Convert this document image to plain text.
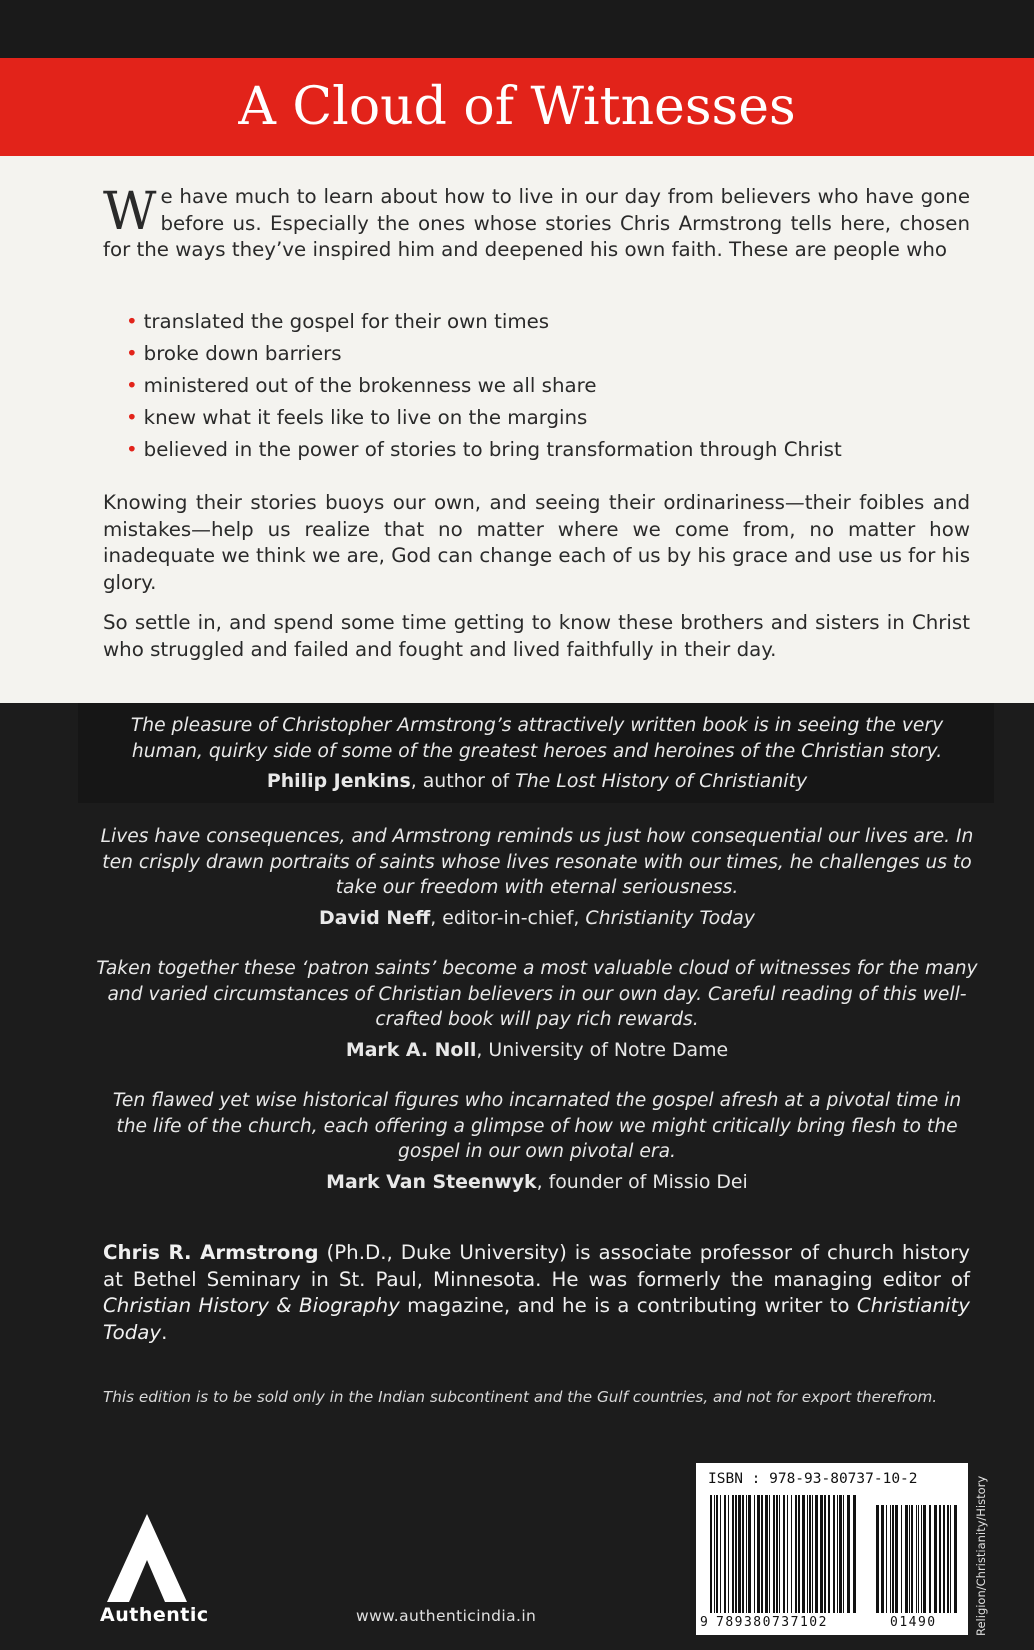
A Cloud of Witnesses

We have much to learn about how to live in our day from believers who have gone before us. Especially the ones whose stories Chris Armstrong tells here, chosen for the ways they’ve inspired him and deepened his own faith. These are people who

• translated the gospel for their own times
• broke down barriers
• ministered out of the brokenness we all share
• knew what it feels like to live on the margins
• believed in the power of stories to bring transformation through Christ

Knowing their stories buoys our own, and seeing their ordinariness—their foibles and mistakes—help us realize that no matter where we come from, no matter how inadequate we think we are, God can change each of us by his grace and use us for his glory.

So settle in, and spend some time getting to know these brothers and sisters in Christ who struggled and failed and fought and lived faithfully in their day.

The pleasure of Christopher Armstrong’s attractively written book is in seeing the very human, quirky side of some of the greatest heroes and heroines of the Christian story.

Philip Jenkins, author of The Lost History of Christianity

Lives have consequences, and Armstrong reminds us just how consequential our lives are. In ten crisply drawn portraits of saints whose lives resonate with our times, he challenges us to take our freedom with eternal seriousness.

David Neff, editor-in-chief, Christianity Today

Taken together these ‘patron saints’ become a most valuable cloud of witnesses for the many and varied circumstances of Christian believers in our own day. Careful reading of this well-crafted book will pay rich rewards.

Mark A. Noll, University of Notre Dame

Ten flawed yet wise historical figures who incarnated the gospel afresh at a pivotal time in the life of the church, each offering a glimpse of how we might critically bring flesh to the gospel in our own pivotal era.

Mark Van Steenwyk, founder of Missio Dei

Chris R. Armstrong (Ph.D., Duke University) is associate professor of church history at Bethel Seminary in St. Paul, Minnesota. He was formerly the managing editor of Christian History & Biography magazine, and he is a contributing writer to Christianity Today.

This edition is to be sold only in the Indian subcontinent and the Gulf countries, and not for export therefrom.

Authentic	www.authenticindia.in
ISBN : 978-93-80737-10-2
9 789380737102	01490	Religion/Christianity/History
